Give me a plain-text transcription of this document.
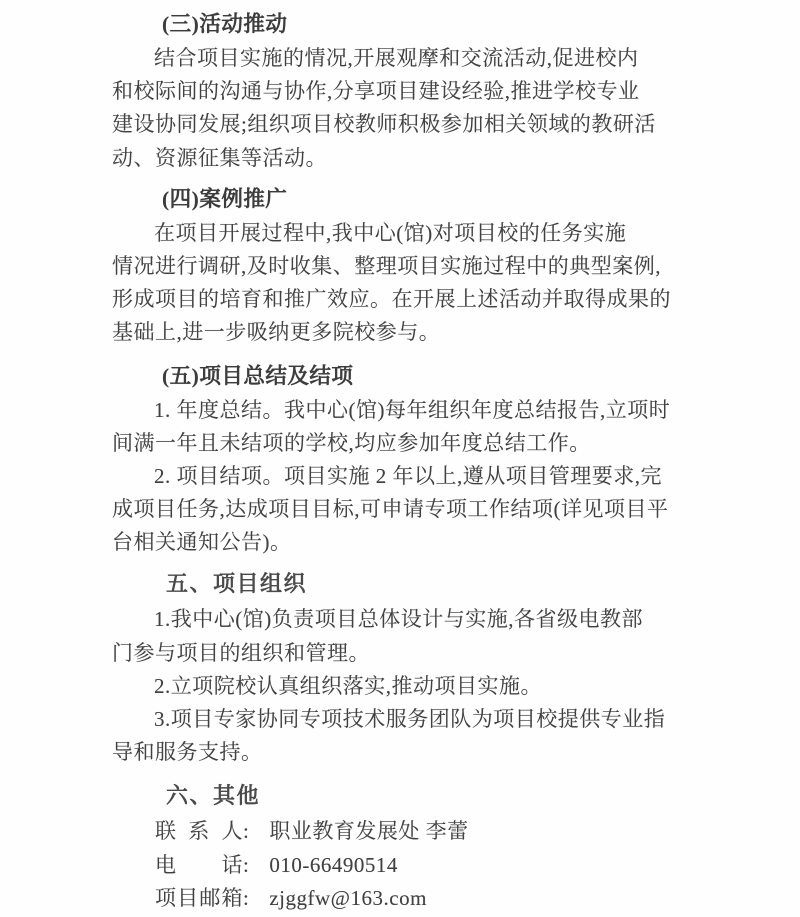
(三)活动推动
结合项目实施的情况,开展观摩和交流活动,促进校内
和校际间的沟通与协作,分享项目建设经验,推进学校专业
建设协同发展;组织项目校教师积极参加相关领域的教研活
动、资源征集等活动。
(四)案例推广
在项目开展过程中,我中心(馆)对项目校的任务实施
情况进行调研,及时收集、整理项目实施过程中的典型案例,
形成项目的培育和推广效应。在开展上述活动并取得成果的
基础上,进一步吸纳更多院校参与。
(五)项目总结及结项
1. 年度总结。我中心(馆)每年组织年度总结报告,立项时
间满一年且未结项的学校,均应参加年度总结工作。
2. 项目结项。项目实施 2 年以上,遵从项目管理要求,完
成项目任务,达成项目目标,可申请专项工作结项(详见项目平
台相关通知公告)。
五、项目组织
1.我中心(馆)负责项目总体设计与实施,各省级电教部
门参与项目的组织和管理。
2.立项院校认真组织落实,推动项目实施。
3.项目专家协同专项技术服务团队为项目校提供专业指
导和服务支持。
六、其他
联系人: 职业教育发展处 李蕾
电话: 010-66490514
项目邮箱: zjggfw@163.com
